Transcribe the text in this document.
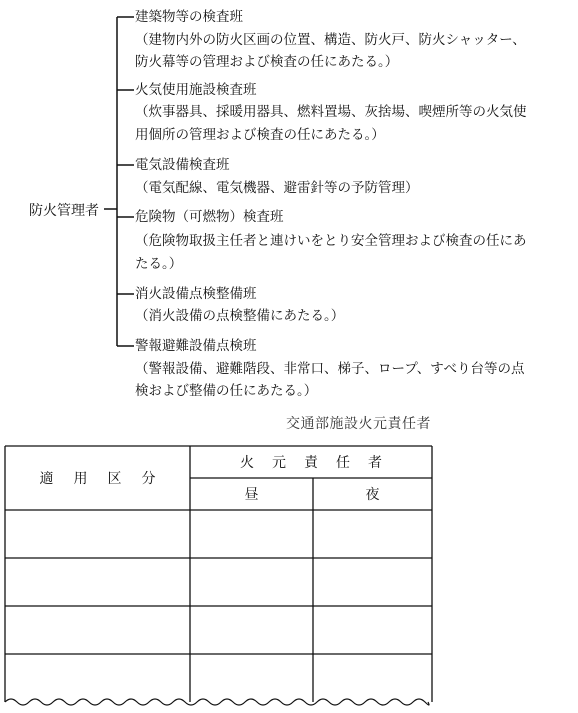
防火管理者
建築物等の検査班
（建物内外の防火区画の位置、構造、防火戸、防火シャッター、
防火幕等の管理および検査の任にあたる。）
火気使用施設検査班
（炊事器具、採暖用器具、燃料置場、灰捨場、喫煙所等の火気使
用個所の管理および検査の任にあたる。）
電気設備検査班
（電気配線、電気機器、避雷針等の予防管理）
危険物（可燃物）検査班
（危険物取扱主任者と連けいをとり安全管理および検査の任にあ
たる。）
消火設備点検整備班
（消火設備の点検整備にあたる。）
警報避難設備点検班
（警報設備、避難階段、非常口、梯子、ロープ、すべり台等の点
検および整備の任にあたる。）
交通部施設火元責任者
適用区分
火元責任者
昼	夜
